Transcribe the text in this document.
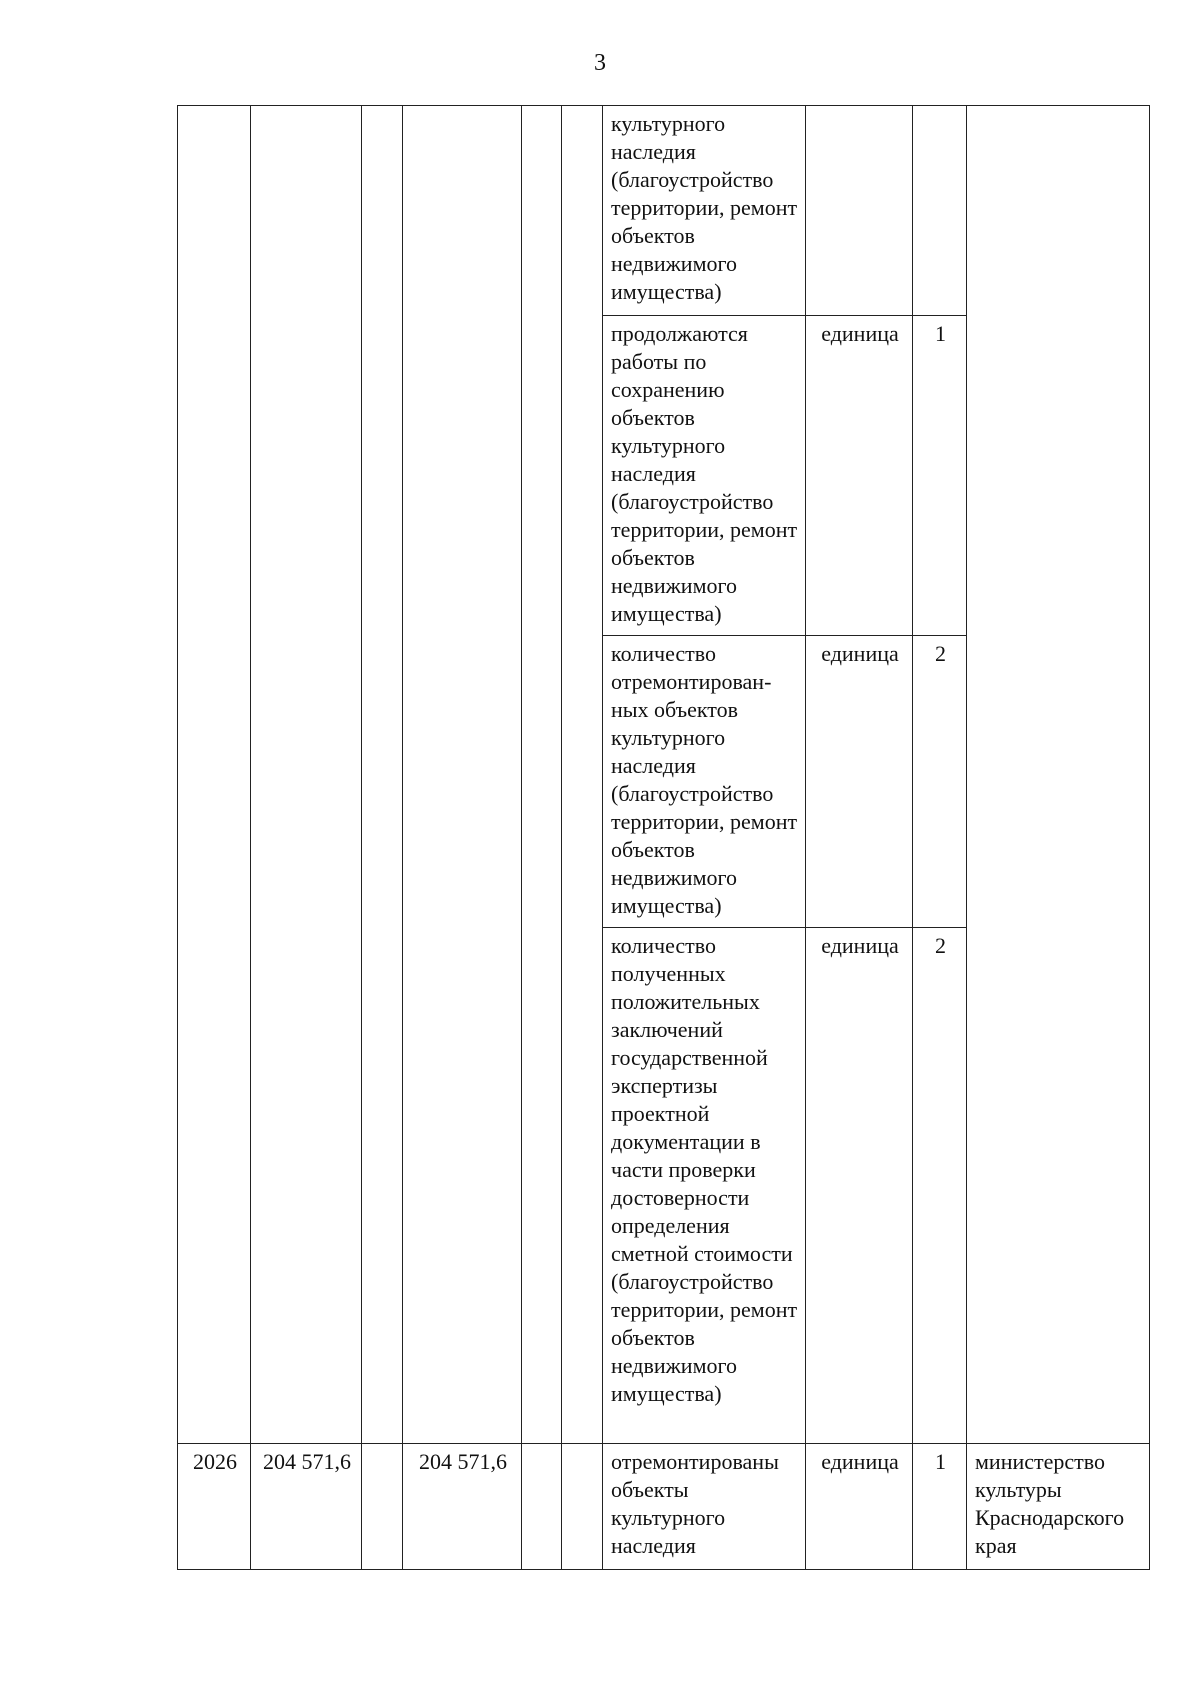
3
						культурного наследия (благоустройство территории, ремонт объектов недвижимого имущества)			
						продолжаются работы по сохранению объектов культурного наследия (благоустройство территории, ремонт объектов недвижимого имущества)	единица	1	
						количество отремонтирован-
ных объектов культурного наследия (благоустройство территории, ремонт объектов недвижимого имущества)	единица	2	
						количество полученных положительных заключений государственной экспертизы проектной документации в части проверки достоверности определения сметной стоимости (благоустройство территории, ремонт объектов недвижимого имущества)	единица	2	
2026	204 571,6		204 571,6			отремонтированы объекты культурного наследия	единица	1	министерство культуры Краснодарского края
